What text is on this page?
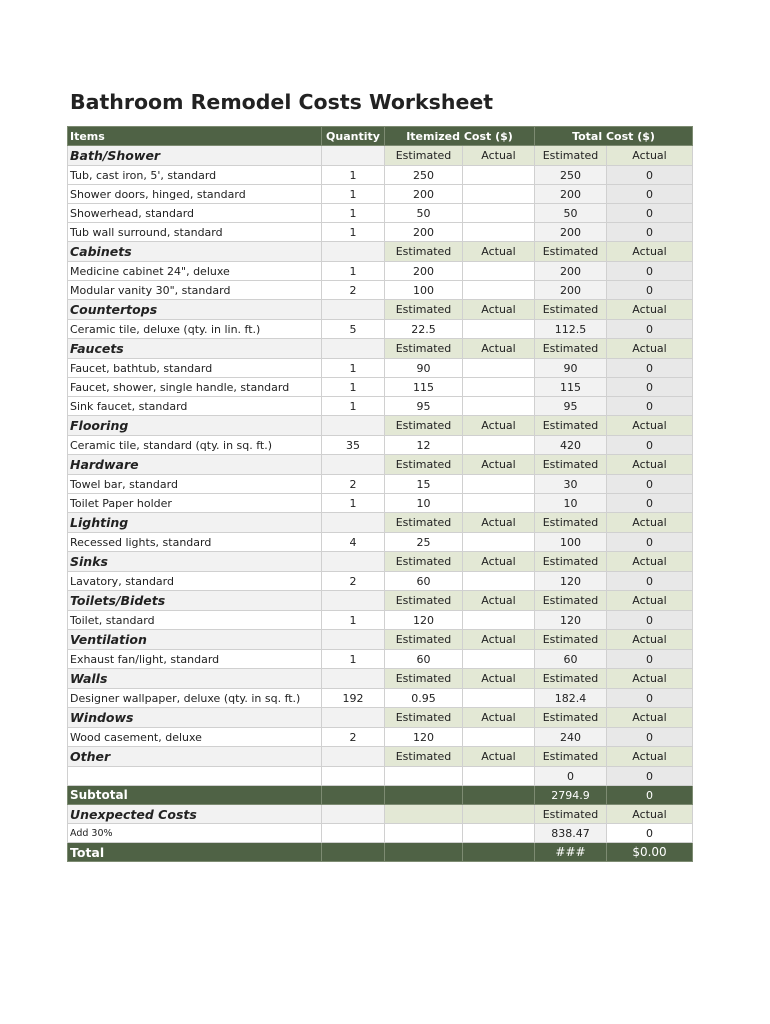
Bathroom Remodel Costs Worksheet
Items	Quantity	Itemized Cost ($)		Total Cost ($)	
Bath/Shower		Estimated	Actual	Estimated	Actual
Tub, cast iron, 5', standard	1	250		250	0
Shower doors, hinged, standard	1	200		200	0
Showerhead, standard	1	50		50	0
Tub wall surround, standard	1	200		200	0
Cabinets		Estimated	Actual	Estimated	Actual
Medicine cabinet 24", deluxe	1	200		200	0
Modular vanity 30", standard	2	100		200	0
Countertops		Estimated	Actual	Estimated	Actual
Ceramic tile, deluxe (qty. in lin. ft.)	5	22.5		112.5	0
Faucets		Estimated	Actual	Estimated	Actual
Faucet, bathtub, standard	1	90		90	0
Faucet, shower, single handle, standard	1	115		115	0
Sink faucet, standard	1	95		95	0
Flooring		Estimated	Actual	Estimated	Actual
Ceramic tile, standard (qty. in sq. ft.)	35	12		420	0
Hardware		Estimated	Actual	Estimated	Actual
Towel bar, standard	2	15		30	0
Toilet Paper holder	1	10		10	0
Lighting		Estimated	Actual	Estimated	Actual
Recessed lights, standard	4	25		100	0
Sinks		Estimated	Actual	Estimated	Actual
Lavatory, standard	2	60		120	0
Toilets/Bidets		Estimated	Actual	Estimated	Actual
Toilet, standard	1	120		120	0
Ventilation		Estimated	Actual	Estimated	Actual
Exhaust fan/light, standard	1	60		60	0
Walls		Estimated	Actual	Estimated	Actual
Designer wallpaper, deluxe (qty. in sq. ft.)	192	0.95		182.4	0
Windows		Estimated	Actual	Estimated	Actual
Wood casement, deluxe	2	120		240	0
Other		Estimated	Actual	Estimated	Actual
				0	0
Subtotal				2794.9	0
Unexpected Costs				Estimated	Actual
Add 30%				838.47	0
Total				###	$0.00
